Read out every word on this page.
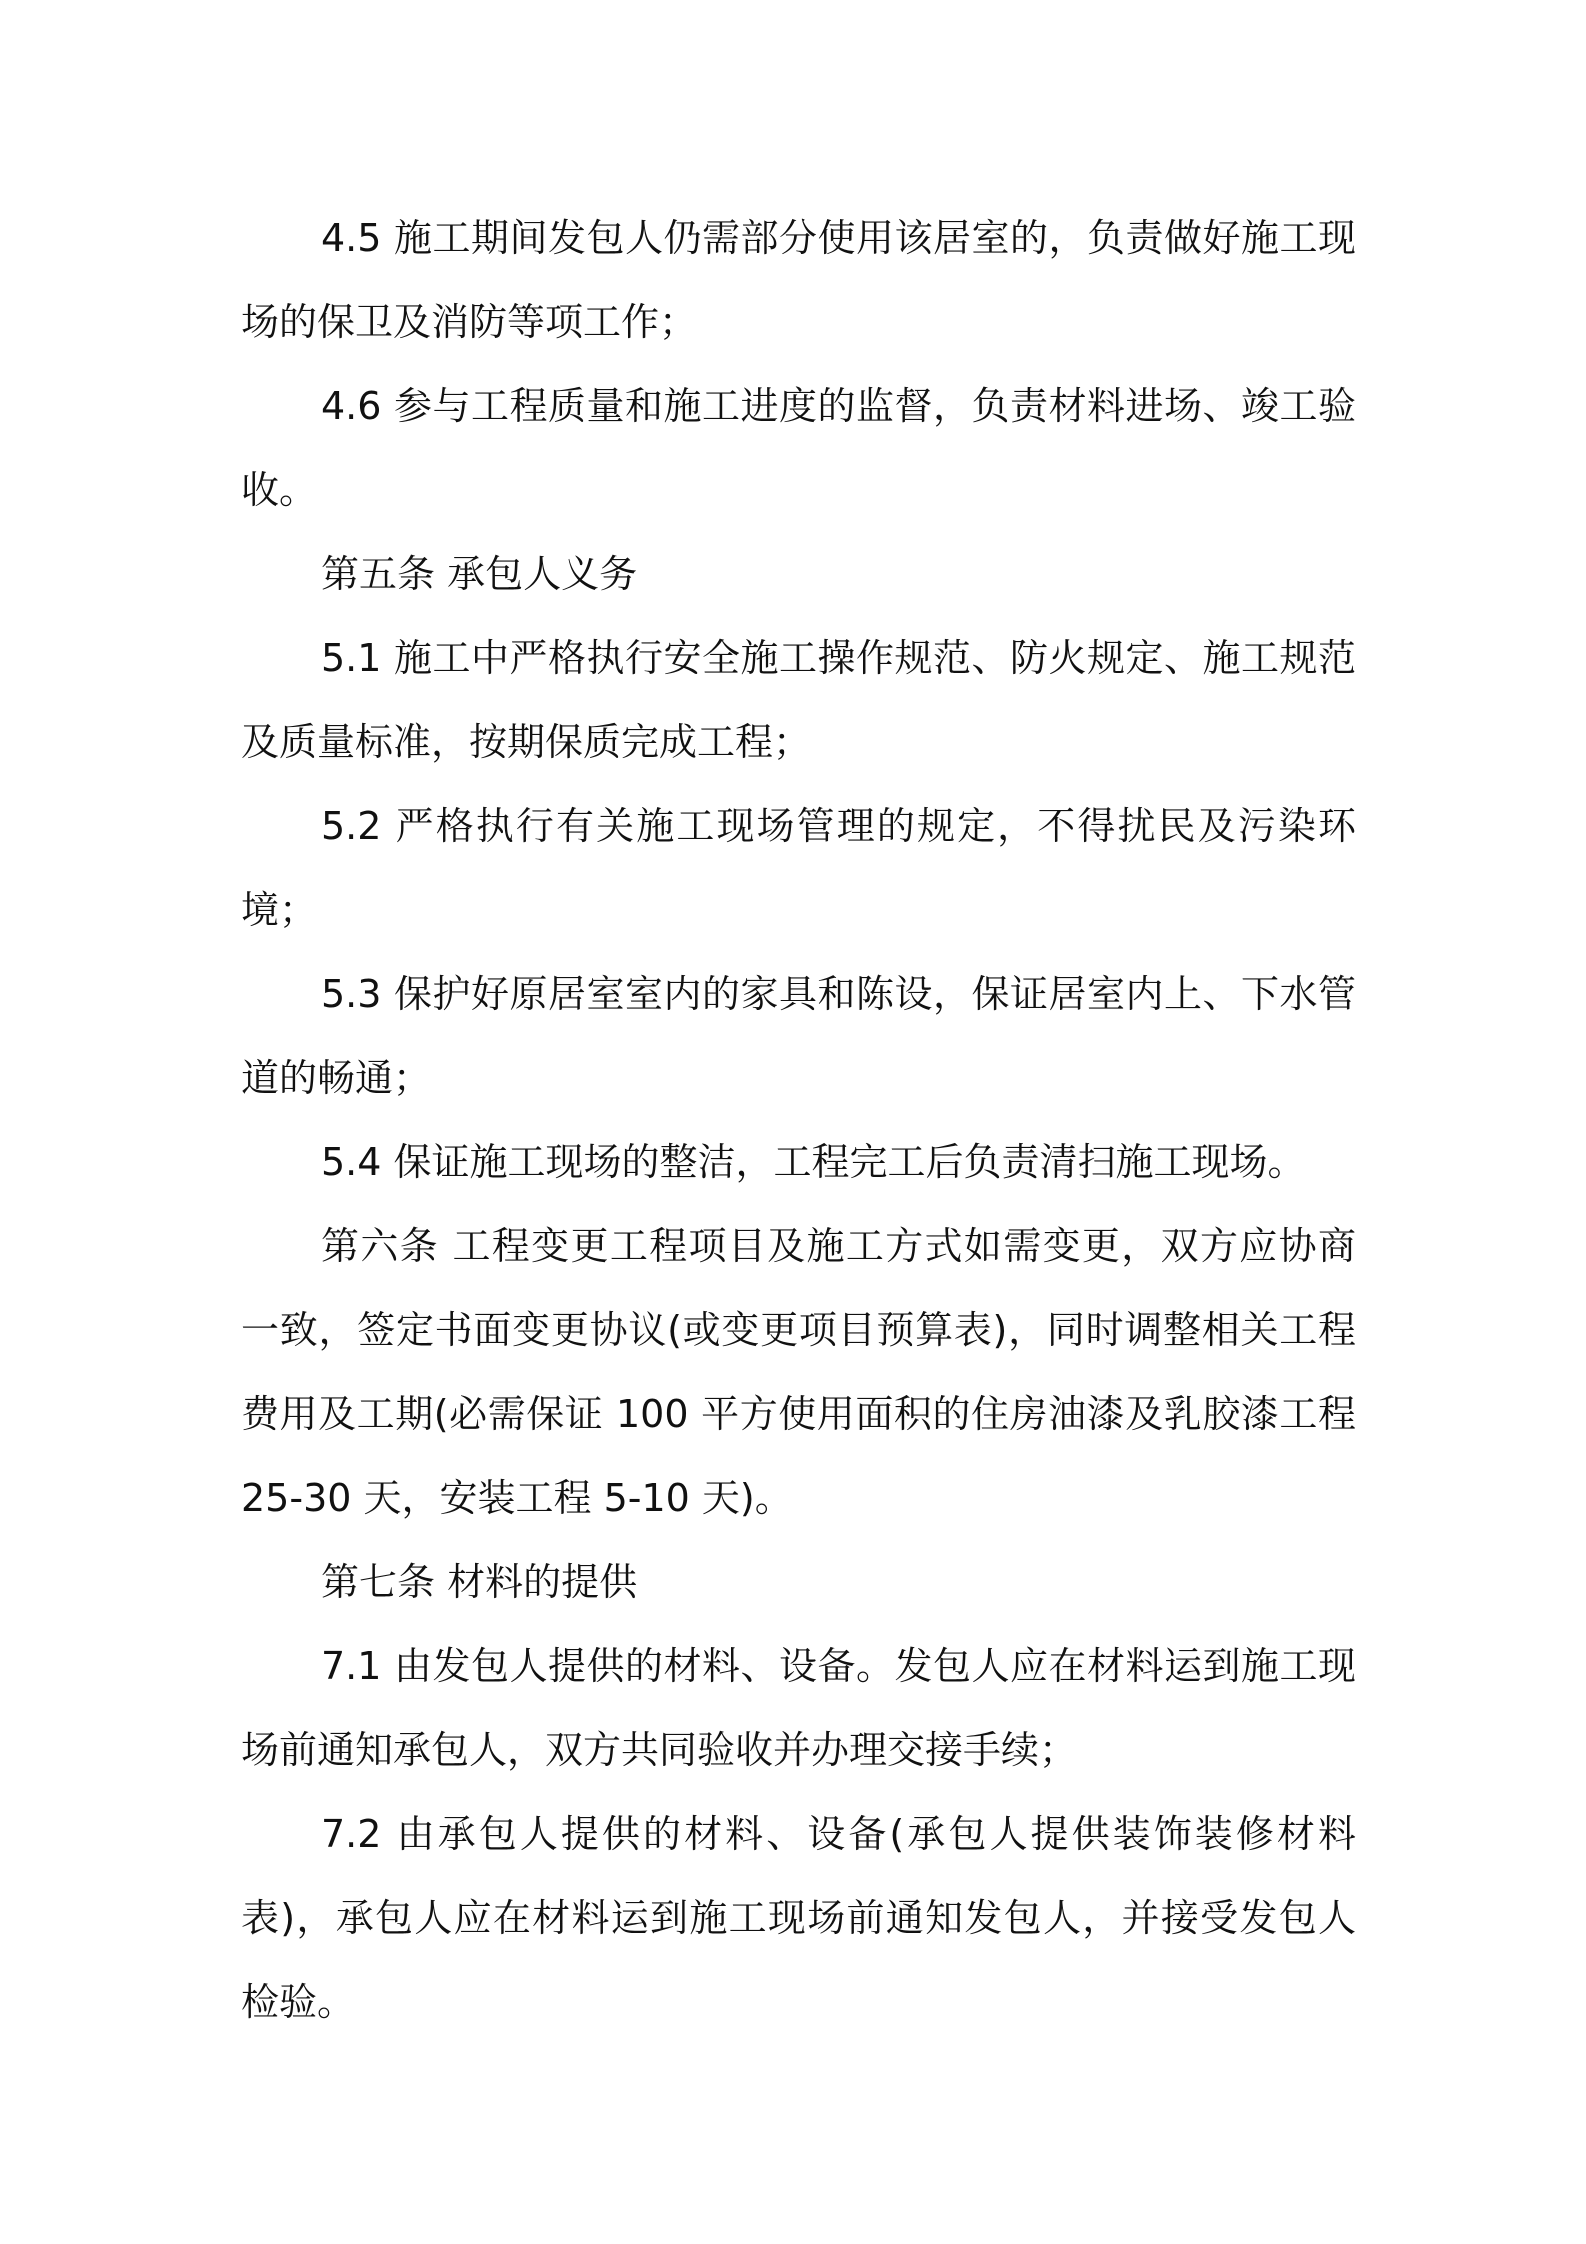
4.5 施工期间发包人仍需部分使用该居室的，负责做好施工现场的保卫及消防等项工作；

4.6 参与工程质量和施工进度的监督，负责材料进场、竣工验收。

第五条 承包人义务

5.1 施工中严格执行安全施工操作规范、防火规定、施工规范及质量标准，按期保质完成工程；

5.2 严格执行有关施工现场管理的规定，不得扰民及污染环境；

5.3 保护好原居室室内的家具和陈设，保证居室内上、下水管道的畅通；

5.4 保证施工现场的整洁，工程完工后负责清扫施工现场。

第六条 工程变更工程项目及施工方式如需变更，双方应协商一致，签定书面变更协议(或变更项目预算表)，同时调整相关工程费用及工期(必需保证 100 平方使用面积的住房油漆及乳胶漆工程 25-30 天，安装工程 5-10 天)。

第七条 材料的提供

7.1 由发包人提供的材料、设备。发包人应在材料运到施工现场前通知承包人，双方共同验收并办理交接手续；

7.2 由承包人提供的材料、设备(承包人提供装饰装修材料表)，承包人应在材料运到施工现场前通知发包人，并接受发包人检验。
